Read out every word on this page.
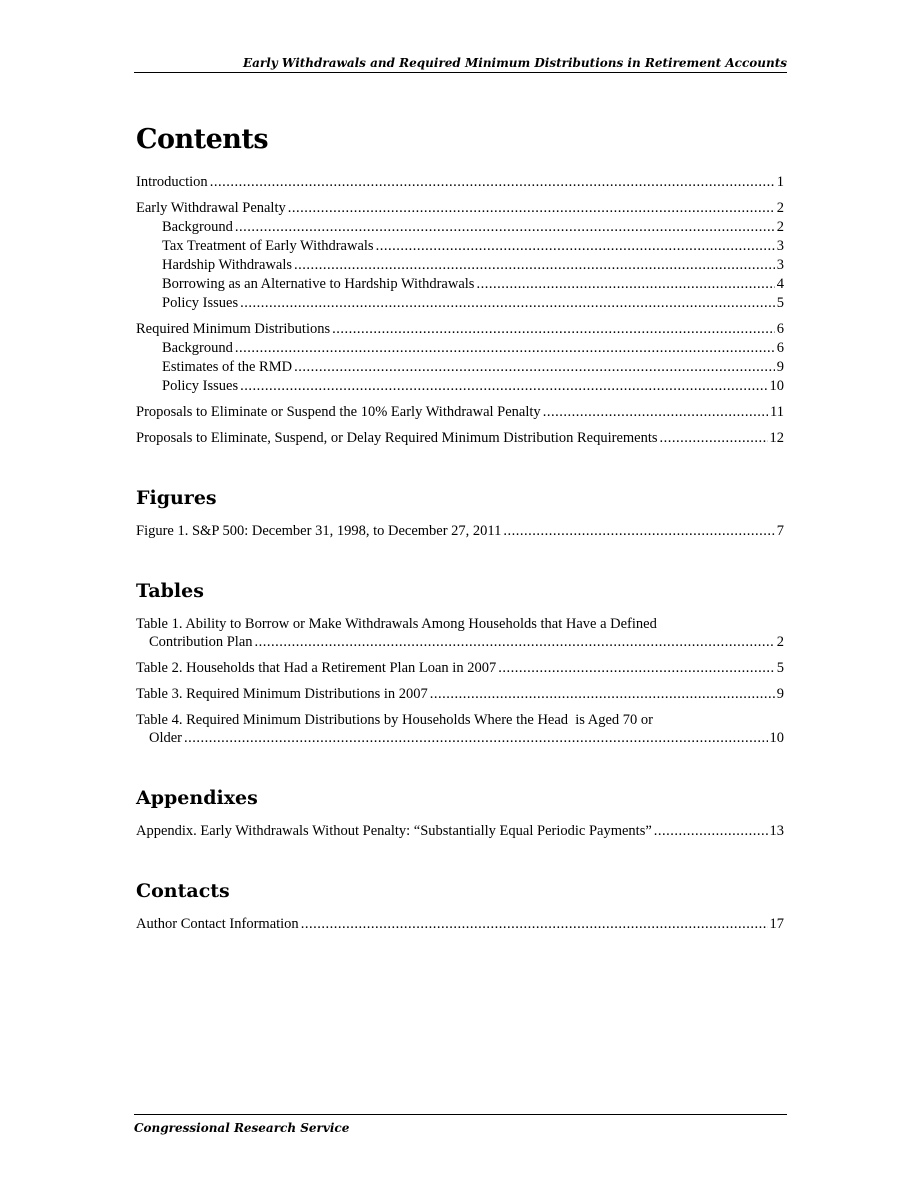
Early Withdrawals and Required Minimum Distributions in Retirement Accounts
Contents
Introduction .....	1
Early Withdrawal Penalty .....	2
Background .....	2
Tax Treatment of Early Withdrawals .....	3
Hardship Withdrawals .....	3
Borrowing as an Alternative to Hardship Withdrawals .....	4
Policy Issues .....	5
Required Minimum Distributions .....	6
Background .....	6
Estimates of the RMD .....	9
Policy Issues .....	10
Proposals to Eliminate or Suspend the 10% Early Withdrawal Penalty .....	11
Proposals to Eliminate, Suspend, or Delay Required Minimum Distribution Requirements .....	12
Figures
Figure 1. S&P 500: December 31, 1998, to December 27, 2011 .....	7
Tables
Table 1. Ability to Borrow or Make Withdrawals Among Households that Have a Defined
Contribution Plan .....	2
Table 2. Households that Had a Retirement Plan Loan in 2007 .....	5
Table 3. Required Minimum Distributions in 2007 .....	9
Table 4. Required Minimum Distributions by Households Where the Head  is Aged 70 or
Older .....	10
Appendixes
Appendix. Early Withdrawals Without Penalty: “Substantially Equal Periodic Payments” .....	13
Contacts
Author Contact Information .....	17
Congressional Research Service
